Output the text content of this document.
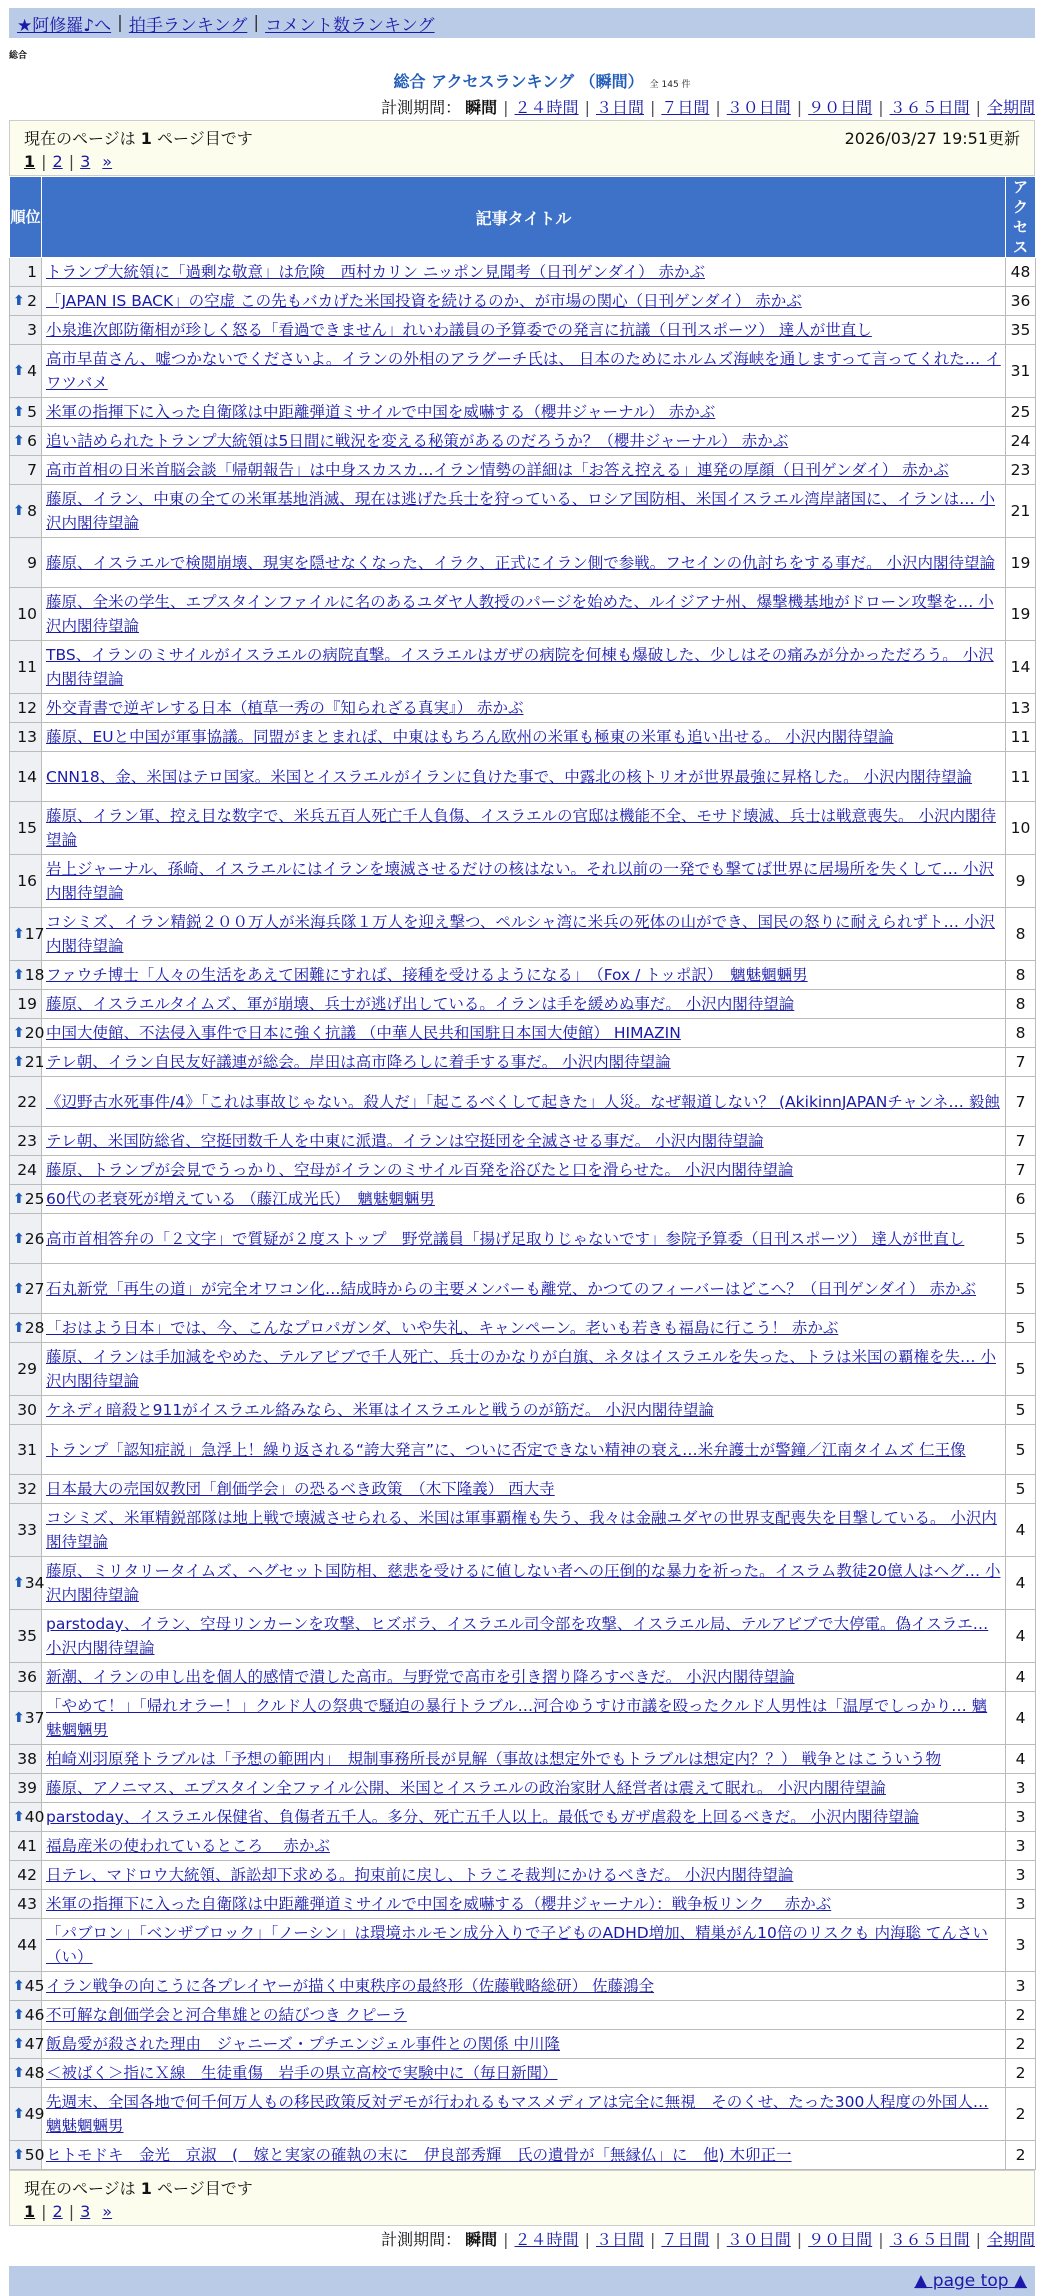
★阿修羅♪へ | 拍手ランキング | コメント数ランキング
総合
総合 アクセスランキング （瞬間） 全 145 件
計測期間： 瞬間 | ２４時間 | ３日間 | ７日間 | ３０日間 | ９０日間 | ３６５日間 | 全期間
現在のページは 1 ページ目です	2026/03/27 19:51更新
1 | 2 | 3 »
順位	記事タイトル	アクセス
1	トランプ大統領に「過剰な敬意」は危険　西村カリン ニッポン見聞考（日刊ゲンダイ） 赤かぶ	48

⬆ 2	「JAPAN IS BACK」の空虚 この先もバカげた米国投資を続けるのか、が市場の関心（日刊ゲンダイ） 赤かぶ	36
3	小泉進次郎防衛相が珍しく怒る「看過できません」れいわ議員の予算委での発言に抗議（日刊スポーツ） 達人が世直し	35

⬆ 4	高市早苗さん、嘘つかないでくださいよ。イランの外相のアラグーチ氏は、 日本のためにホルムズ海峡を通しますって言ってくれた… イワツバメ	31

⬆ 5	米軍の指揮下に入った自衛隊は中距離弾道ミサイルで中国を威嚇する（櫻井ジャーナル） 赤かぶ	25

⬆ 6	追い詰められたトランプ大統領は5日間に戦況を変える秘策があるのだろうか？（櫻井ジャーナル） 赤かぶ	24
7	高市首相の日米首脳会談「帰朝報告」は中身スカスカ…イラン情勢の詳細は「お答え控える」連発の厚顔（日刊ゲンダイ） 赤かぶ	23

⬆ 8	藤原、イラン、中東の全ての米軍基地消滅、現在は逃げた兵士を狩っている、ロシア国防相、米国イスラエル湾岸諸国に、イランは… 小沢内閣待望論	21
9	藤原、イスラエルで検閲崩壊、現実を隠せなくなった、イラク、正式にイラン側で参戦。フセインの仇討ちをする事だ。 小沢内閣待望論	19
10	藤原、全米の学生、エプスタインファイルに名のあるユダヤ人教授のパージを始めた、ルイジアナ州、爆撃機基地がドローン攻撃を… 小沢内閣待望論	19
11	TBS、イランのミサイルがイスラエルの病院直撃。イスラエルはガザの病院を何棟も爆破した、少しはその痛みが分かっただろう。 小沢内閣待望論	14
12	外交青書で逆ギレする日本（植草一秀の『知られざる真実』） 赤かぶ	13
13	藤原、EUと中国が軍事協議。同盟がまとまれば、中東はもちろん欧州の米軍も極東の米軍も追い出せる。 小沢内閣待望論	11
14	CNN18、金、米国はテロ国家。米国とイスラエルがイランに負けた事で、中露北の核トリオが世界最強に昇格した。 小沢内閣待望論	11
15	藤原、イラン軍、控え目な数字で、米兵五百人死亡千人負傷、イスラエルの官邸は機能不全、モサド壊滅、兵士は戦意喪失。 小沢内閣待望論	10
16	岩上ジャーナル、孫崎、イスラエルにはイランを壊滅させるだけの核はない。それ以前の一発でも撃てば世界に居場所を失くして… 小沢内閣待望論	9

⬆ 17	コシミズ、イラン精鋭２００万人が米海兵隊１万人を迎え撃つ、ペルシャ湾に米兵の死体の山ができ、国民の怒りに耐えられずト… 小沢内閣待望論	8

⬆ 18	ファウチ博士「人々の生活をあえて困難にすれば、接種を受けるようになる」　（Fox / トッポ訳）　魑魅魍魎男	8
19	藤原、イスラエルタイムズ、軍が崩壊、兵士が逃げ出している。イランは手を緩めぬ事だ。 小沢内閣待望論	8

⬆ 20	中国大使館、不法侵入事件で日本に強く抗議 （中華人民共和国駐日本国大使館） HIMAZIN	8

⬆ 21	テレ朝、イラン自民友好議連が総会。岸田は高市降ろしに着手する事だ。 小沢内閣待望論	7
22	《辺野古水死事件/4》「これは事故じゃない。殺人だ」「起こるべくして起きた」人災。なぜ報道しない？ (AkikinnJAPANチャンネ… 毅蝕	7
23	テレ朝、米国防総省、空挺団数千人を中東に派遣。イランは空挺団を全滅させる事だ。 小沢内閣待望論	7
24	藤原、トランプが会見でうっかり、空母がイランのミサイル百発を浴びたと口を滑らせた。 小沢内閣待望論	7

⬆ 25	60代の老衰死が増えている （藤江成光氏）　魑魅魍魎男	6

⬆ 26	高市首相答弁の「２文字」で質疑が２度ストップ　野党議員「揚げ足取りじゃないです」参院予算委（日刊スポーツ） 達人が世直し	5

⬆ 27	石丸新党「再生の道」が完全オワコン化…結成時からの主要メンバーも離党、かつてのフィーバーはどこへ？（日刊ゲンダイ） 赤かぶ	5

⬆ 28	「おはよう日本」では、今、こんなプロパガンダ、いや失礼、キャンペーン。老いも若きも福島に行こう！ 赤かぶ	5
29	藤原、イランは手加減をやめた、テルアビブで千人死亡、兵士のかなりが白旗、ネタはイスラエルを失った、トラは米国の覇権を失… 小沢内閣待望論	5
30	ケネディ暗殺と911がイスラエル絡みなら、米軍はイスラエルと戦うのが筋だ。 小沢内閣待望論	5
31	トランプ「認知症説」急浮上！繰り返される“誇大発言”に、ついに否定できない精神の衰え…米弁護士が警鐘／江南タイムズ 仁王像	5
32	日本最大の売国奴教団「創価学会」の恐るべき政策　（木下隆義） 西大寺	5
33	コシミズ、米軍精鋭部隊は地上戦で壊滅させられる、米国は軍事覇権も失う、我々は金融ユダヤの世界支配喪失を目撃している。 小沢内閣待望論	4

⬆ 34	藤原、ミリタリータイムズ、ヘグセット国防相、慈悲を受けるに値しない者への圧倒的な暴力を祈った。イスラム教徒20億人はヘグ… 小沢内閣待望論	4
35	parstoday、イラン、空母リンカーンを攻撃、ヒズボラ、イスラエル司令部を攻撃、イスラエル局、テルアビブで大停電。偽イスラエ… 小沢内閣待望論	4
36	新潮、イランの申し出を個人的感情で潰した高市。与野党で高市を引き摺り降ろすべきだ。 小沢内閣待望論	4

⬆ 37	「やめて！」「帰れオラー！」クルド人の祭典で騒迫の暴行トラブル…河合ゆうすけ市議を殴ったクルド人男性は「温厚でしっかり… 魑魅魍魎男	4
38	柏崎刈羽原発トラブルは「予想の範囲内」　規制事務所長が見解（事故は想定外でもトラブルは想定内？？） 戦争とはこういう物	4
39	藤原、アノニマス、エプスタイン全ファイル公開、米国とイスラエルの政治家財人経営者は震えて眠れ。 小沢内閣待望論	3

⬆ 40	parstoday、イスラエル保健省、負傷者五千人。多分、死亡五千人以上。最低でもガザ虐殺を上回るべきだ。 小沢内閣待望論	3
41	福島産米の使われているところ　 赤かぶ	3
42	日テレ、マドロウ大統領、訴訟却下求める。拘束前に戻し、トラこそ裁判にかけるべきだ。 小沢内閣待望論	3
43	米軍の指揮下に入った自衛隊は中距離弾道ミサイルで中国を威嚇する（櫻井ジャーナル）：戦争板リンク　 赤かぶ	3
44	「パブロン」「ベンザブロック」「ノーシン」は環境ホルモン成分入りで子どものADHD増加、精巣がん10倍のリスクも 内海聡 てんさい（い）	3

⬆ 45	イラン戦争の向こうに各プレイヤーが描く中東秩序の最終形（佐藤戦略総研） 佐藤鴻全	3

⬆ 46	不可解な創価学会と河合隼雄との結びつき クピーラ	2

⬆ 47	飯島愛が殺された理由　ジャニーズ・プチエンジェル事件との関係 中川隆	2

⬆ 48	＜被ばく＞指にＸ線　生徒重傷　岩手の県立高校で実験中に（毎日新聞）	2

⬆ 49	先週末、全国各地で何千何万人もの移民政策反対デモが行われるもマスメディアは完全に無視　そのくせ、たった300人程度の外国人… 魑魅魍魎男	2

⬆ 50	ヒトモドキ　金光　京淑　(　嫁と実家の確執の末に　伊良部秀輝　氏の遺骨が「無縁仏」に　他) 木卯正一	2
現在のページは 1 ページ目です
1 | 2 | 3 »
計測期間： 瞬間 | ２４時間 | ３日間 | ７日間 | ３０日間 | ９０日間 | ３６５日間 | 全期間
▲ page top ▲
